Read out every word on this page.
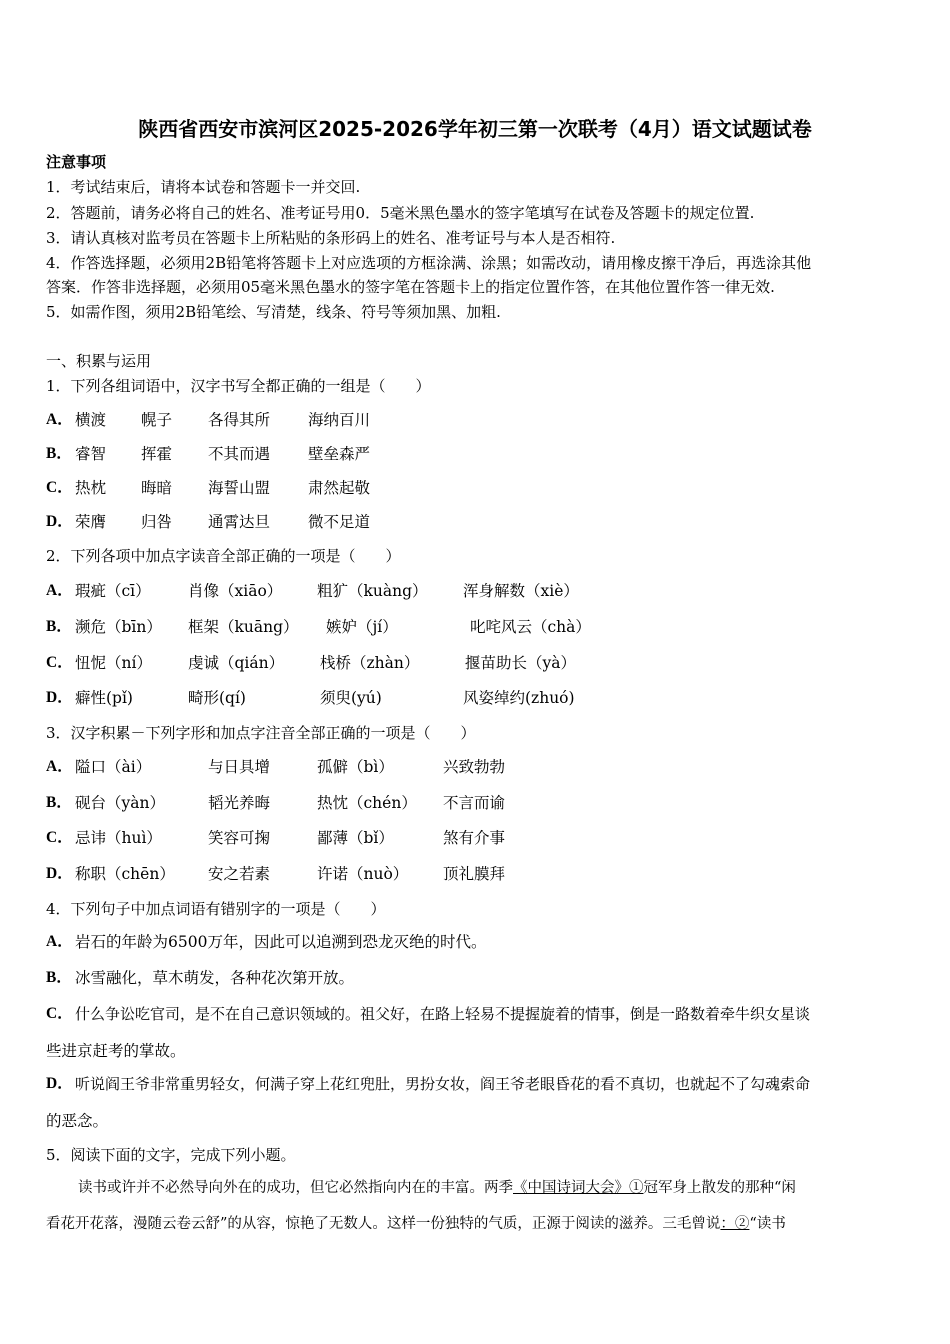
陕西省西安市滨河区2025-2026学年初三第一次联考（4月）语文试题试卷
注意事项
1．考试结束后，请将本试卷和答题卡一并交回.
2．答题前，请务必将自己的姓名、准考证号用0．5毫米黑色墨水的签字笔填写在试卷及答题卡的规定位置.
3．请认真核对监考员在答题卡上所粘贴的条形码上的姓名、准考证号与本人是否相符.
4．作答选择题，必须用2B铅笔将答题卡上对应选项的方框涂满、涂黑；如需改动，请用橡皮擦干净后，再选涂其他
答案．作答非选择题，必须用05毫米黑色墨水的签字笔在答题卡上的指定位置作答，在其他位置作答一律无效.
5．如需作图，须用2B铅笔绘、写清楚，线条、符号等须加黑、加粗.
一、积累与运用
1．下列各组词语中，汉字书写全都正确的一组是（　　）
A． 横渡 幌子 各得其所 海纳百川
B． 睿智 挥霍 不其而遇 壁垒森严
C． 热枕 晦暗 海誓山盟 肃然起敬
D． 荣膺 归咎 通霄达旦 微不足道
2．下列各项中加点字读音全部正确的一项是（　　）
A． 瑕疵（cī） 肖像（xiāo） 粗犷（kuàng） 浑身解数（xiè）
B． 濒危（bīn） 框架（kuāng） 嫉妒（jí）	叱咤风云（chà）
C． 忸怩（ní） 虔诚（qián） 栈桥（zhàn）	揠苗助长（yà）
D． 癖性(pǐ)	畸形(qí)	须臾(yú)	风姿绰约(zhuó)
3．汉字积累－下列字形和加点字注音全部正确的一项是（　　）
A． 隘口（ài）	与日具增	孤僻（bì）	兴致勃勃
B． 砚台（yàn）	韬光养晦	热忱（chén） 不言而谕
C． 忌讳（huì）	笑容可掬	鄙薄（bǐ）	煞有介事
D． 称职（chēn） 安之若素	许诺（nuò） 顶礼膜拜
4．下列句子中加点词语有错别字的一项是（　　）
A． 岩石的年龄为6500万年，因此可以追溯到恐龙灭绝的时代。
B． 冰雪融化，草木萌发，各种花次第开放。
C． 什么争讼吃官司，是不在自己意识领域的。祖父好，在路上轻易不提握旋着的情事，倒是一路数着牵牛织女星谈
些进京赶考的掌故。
D． 听说阎王爷非常重男轻女，何满子穿上花红兜肚，男扮女妆，阎王爷老眼昏花的看不真切，也就起不了勾魂索命
的恶念。
5．阅读下面的文字，完成下列小题。
读书或许并不必然导向外在的成功，但它必然指向内在的丰富。两季《中国诗词大会》①冠军身上散发的那种“闲
看花开花落，漫随云卷云舒”的从容，惊艳了无数人。这样一份独特的气质，正源于阅读的滋养。三毛曾说：②“读书
